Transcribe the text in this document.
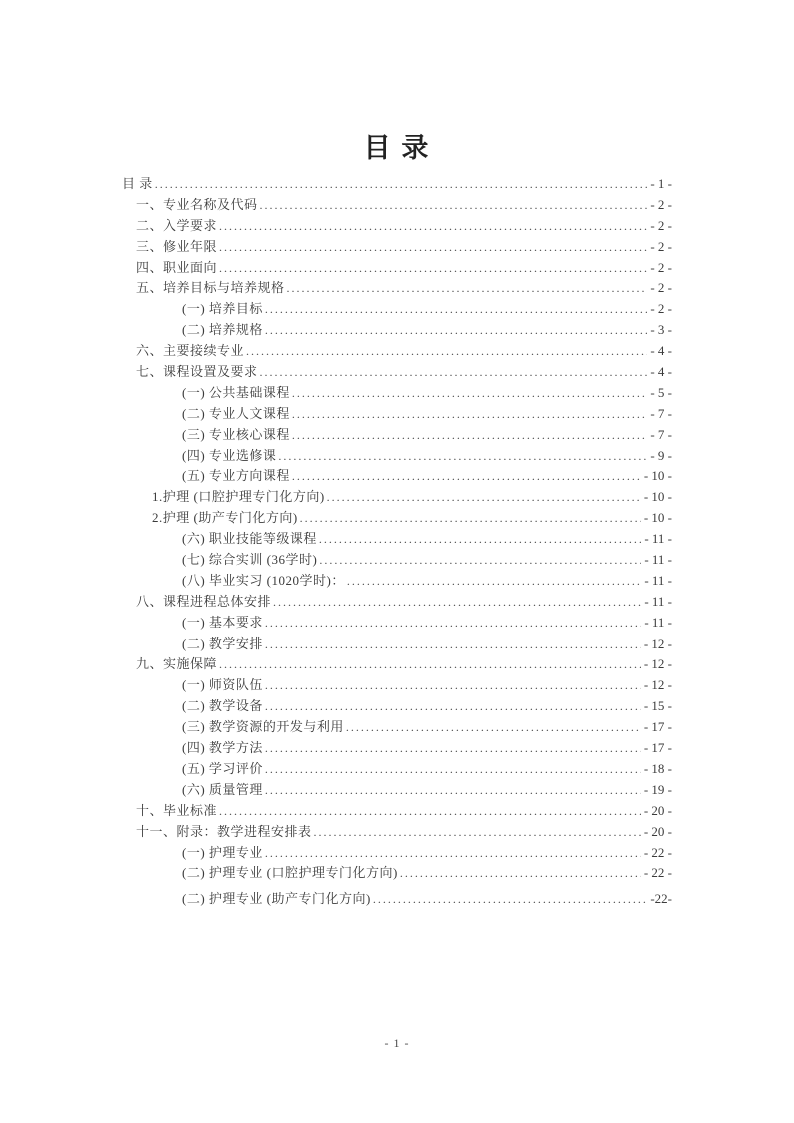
目 录
目 录 .....	- 1 -
一、专业名称及代码 .....	- 2 -
二、入学要求 .....	- 2 -
三、修业年限 .....	- 2 -
四、职业面向 .....	- 2 -
五、培养目标与培养规格 .....	- 2 -
(一) 培养目标 .....	- 2 -
(二) 培养规格 .....	- 3 -
六、主要接续专业 .....	- 4 -
七、课程设置及要求 .....	- 4 -
(一) 公共基础课程 .....	- 5 -
(二) 专业人文课程 .....	- 7 -
(三) 专业核心课程 .....	- 7 -
(四) 专业选修课 .....	- 9 -
(五) 专业方向课程 .....	- 10 -
1.护理 (口腔护理专门化方向) .....	- 10 -
2.护理 (助产专门化方向) .....	- 10 -
(六) 职业技能等级课程 .....	- 11 -
(七) 综合实训 (36学时) .....	- 11 -
(八) 毕业实习 (1020学时)： .....	- 11 -
八、课程进程总体安排 .....	- 11 -
(一) 基本要求 .....	- 11 -
(二) 教学安排 .....	- 12 -
九、实施保障 .....	- 12 -
(一) 师资队伍 .....	- 12 -
(二) 教学设备 .....	- 15 -
(三) 教学资源的开发与利用 .....	- 17 -
(四) 教学方法 .....	- 17 -
(五) 学习评价 .....	- 18 -
(六) 质量管理 .....	- 19 -
十、毕业标准 .....	- 20 -
十一、附录：教学进程安排表 .....	- 20 -
(一) 护理专业 .....	- 22 -
(二) 护理专业 (口腔护理专门化方向) .....	- 22 -
(二) 护理专业 (助产专门化方向) .....	-22-
- 1 -
